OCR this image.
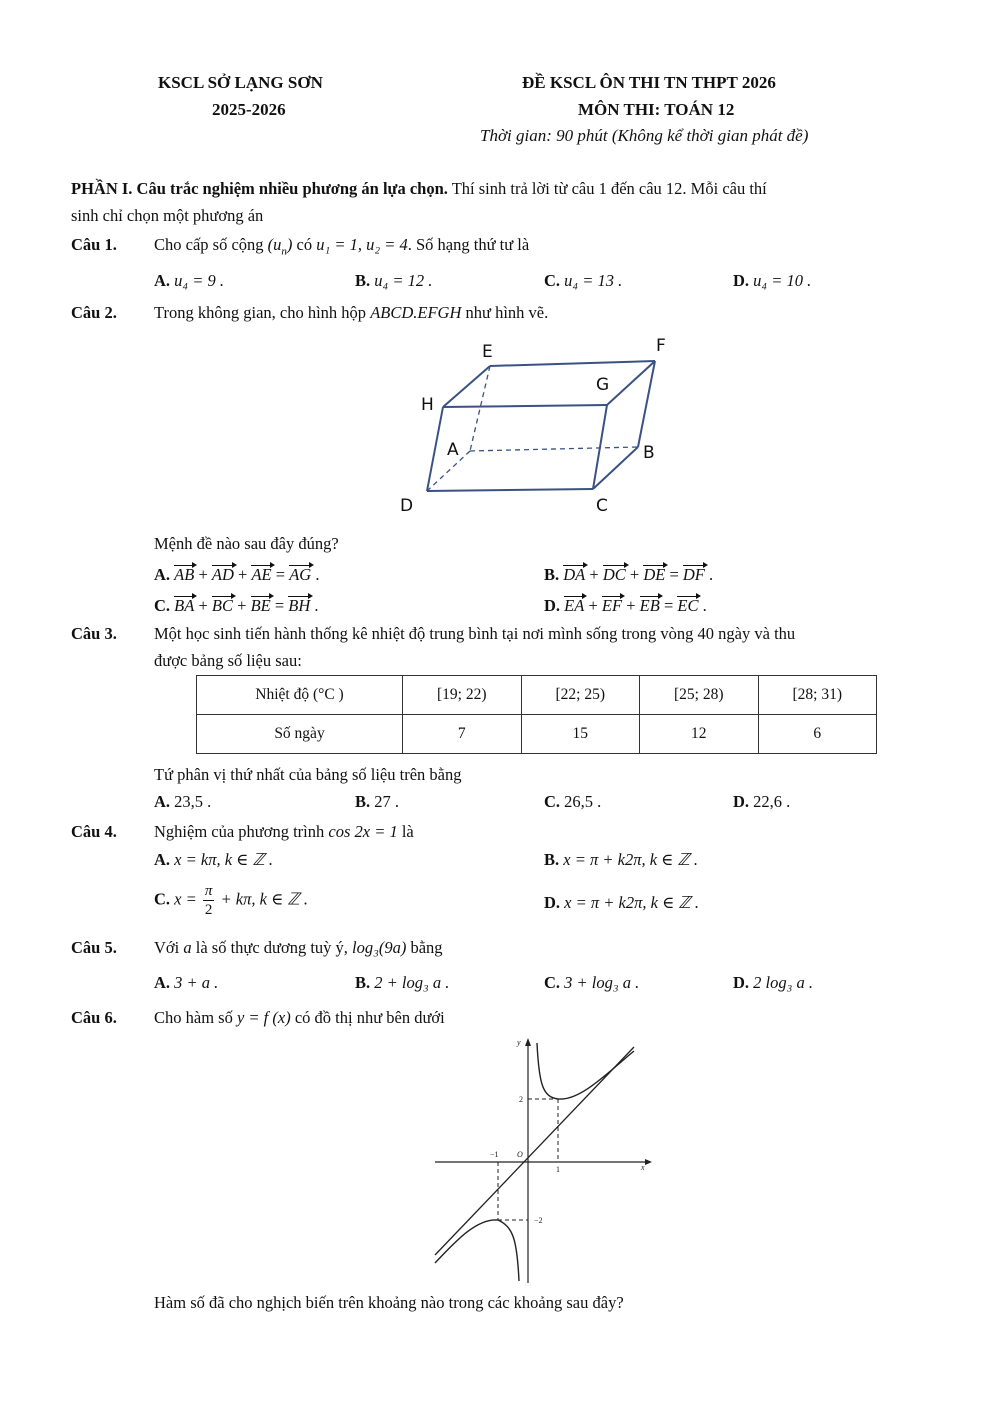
KSCL SỞ LẠNG SƠN
2025-2026
ĐỀ KSCL ÔN THI TN THPT 2026
MÔN THI: TOÁN 12
Thời gian: 90 phút (Không kể thời gian phát đề)
PHẦN I. Câu trắc nghiệm nhiều phương án lựa chọn. Thí sinh trả lời từ câu 1 đến câu 12. Mỗi câu thí
sinh chỉ chọn một phương án
Câu 1. Cho cấp số cộng $(u_n)$ có u₁ = 1, u₂ = 4. Số hạng thứ tư là
A. u₄ = 9 .	B. u₄ = 12 .	C. u₄ = 13 .	D. u₄ = 10 .
Câu 2. Trong không gian, cho hình hộp ABCD.EFGH như hình vẽ.
E	F
G
H
A	B
C
D
Mệnh đề nào sau đây đúng?
A. AB + AD + AE = AG .	B. DA + DC + DE = DF .
C. BA + BC + BE = BH .	D. EA + EF + EB = EC .
Câu 3. Một học sinh tiến hành thống kê nhiệt độ trung bình tại nơi mình sống trong vòng 40 ngày và thu
được bảng số liệu sau:
Nhiệt độ (°C )	[19; 22)	[22; 25)	[25; 28)	[28; 31)
Số ngày	7	15	12	6
Tứ phân vị thứ nhất của bảng số liệu trên bằng
A. 23,5 .	B. 27 .	C. 26,5 .	D. 22,6 .
Câu 4. Nghiệm của phương trình cos 2x = 1 là
A. x = kπ, k ∈ ℤ .	B. x = π + k2π, k ∈ ℤ .
C. $x = \frac{\pi}{2} + k\pi$, k ∈ ℤ .	D. x = π + k2π, k ∈ ℤ .
Câu 5. Với a là số thực dương tuỳ ý, log₃(9a) bằng
A. 3 + a .	B. 2 + log₃ a .	C. 3 + log₃ a .	D. 2 log₃ a .
Câu 6. Cho hàm số y = f (x) có đồ thị như bên dưới
y
x
O
2
−2
1
−1
Hàm số đã cho nghịch biến trên khoảng nào trong các khoảng sau đây?
